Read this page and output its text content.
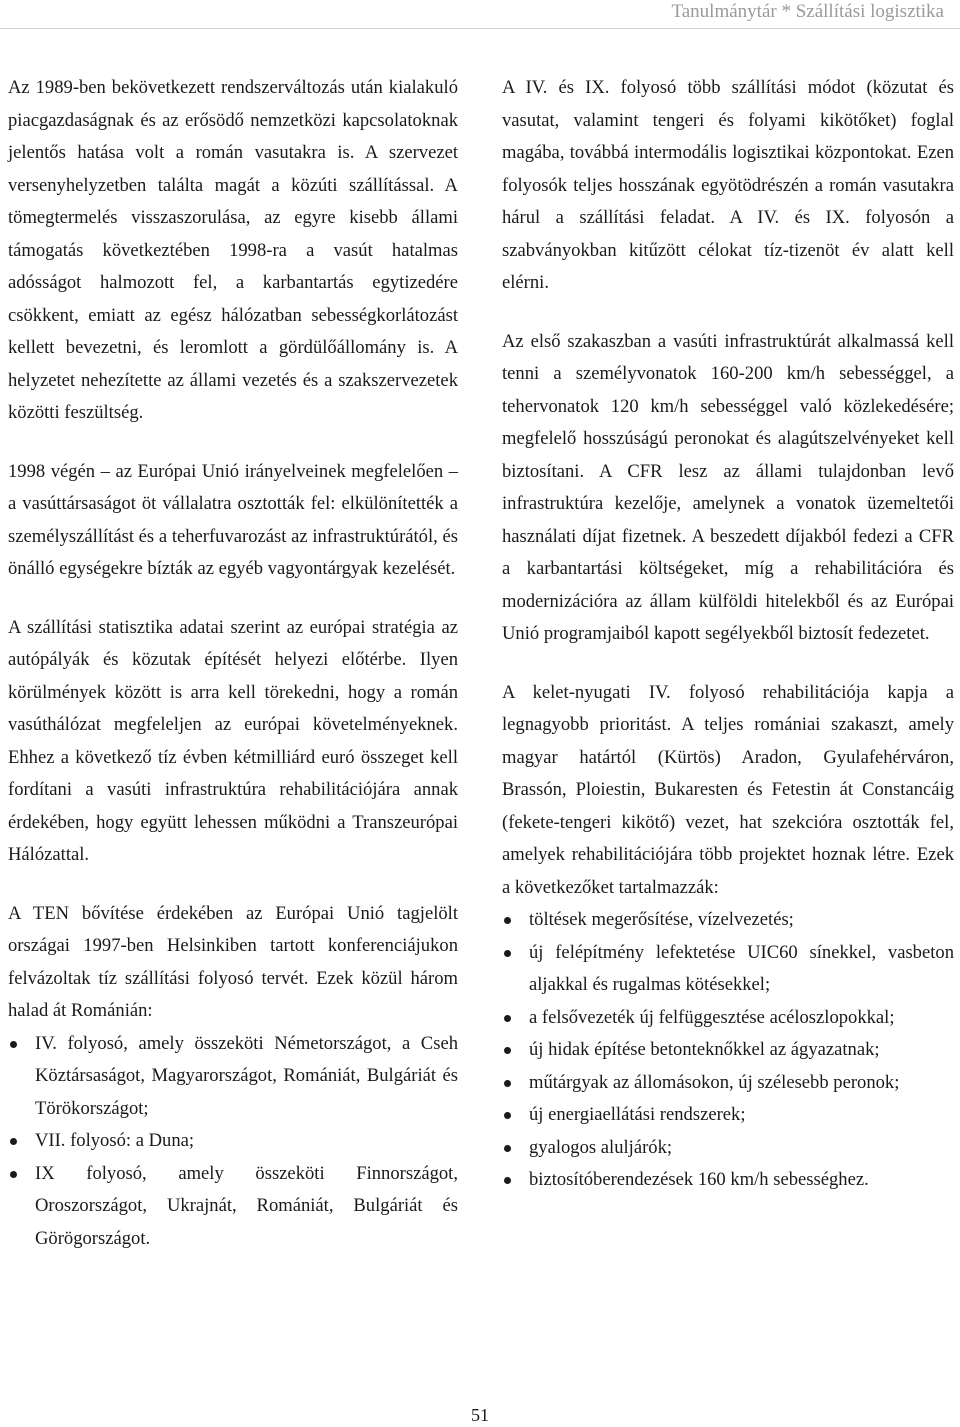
Tanulmánytár * Szállítási logisztika

Az 1989-ben bekövetkezett rendszerváltozás után kialakuló piacgazdaságnak és az erősödő nemzetközi kapcsolatoknak jelentős hatása volt a román vasutakra is. A szervezet versenyhelyzetben találta magát a közúti szállítással. A tömegtermelés visszaszorulása, az egyre kisebb állami támogatás következtében 1998-ra a vasút hatalmas adósságot halmozott fel, a karbantartás egytizedére csökkent, emiatt az egész hálózatban sebességkorlátozást kellett bevezetni, és leromlott a gördülőállomány is. A helyzetet nehezítette az állami vezetés és a szakszervezetek közötti feszültség.

1998 végén ‒ az Európai Unió irányelveinek megfelelően ‒ a vasúttársaságot öt vállalatra osztották fel: elkülönítették a személyszállítást és a teherfuvarozást az infrastruktúrától, és önálló egységekre bízták az egyéb vagyontárgyak kezelését.

A szállítási statisztika adatai szerint az európai stratégia az autópályák és közutak építését helyezi előtérbe. Ilyen körülmények között is arra kell törekedni, hogy a román vasúthálózat megfeleljen az európai követelményeknek. Ehhez a következő tíz évben kétmilliárd euró összeget kell fordítani a vasúti infrastruktúra rehabilitációjára annak érdekében, hogy együtt lehessen működni a Transzeurópai Hálózattal.

A TEN bővítése érdekében az Európai Unió tagjelölt országai 1997-ben Helsinkiben tartott konferenciájukon felvázoltak tíz szállítási folyosó tervét. Ezek közül három halad át Románián:

IV. folyosó, amely összeköti Németországot, a Cseh Köztársaságot, Magyarországot, Romániát, Bulgáriát és Törökországot;
VII. folyosó: a Duna;
IX folyosó, amely összeköti Finnországot, Oroszországot, Ukrajnát, Romániát, Bulgáriát és Görögországot.

A IV. és IX. folyosó több szállítási módot (közutat és vasutat, valamint tengeri és folyami kikötőket) foglal magába, továbbá intermodális logisztikai központokat. Ezen folyosók teljes hosszának egyötödrészén a román vasutakra hárul a szállítási feladat. A IV. és IX. folyosón a szabványokban kitűzött célokat tíz-tizenöt év alatt kell elérni.

Az első szakaszban a vasúti infrastruktúrát alkalmassá kell tenni a személyvonatok 160-200 km/h sebességgel, a tehervonatok 120 km/h sebességgel való közlekedésére; megfelelő hosszúságú peronokat és alagútszelvényeket kell biztosítani. A CFR lesz az állami tulajdonban levő infrastruktúra kezelője, amelynek a vonatok üzemeltetői használati díjat fizetnek. A beszedett díjakból fedezi a CFR a karbantartási költségeket, míg a rehabilitációra és modernizációra az állam külföldi hitelekből és az Európai Unió programjaiból kapott segélyekből biztosít fedezetet.

A kelet-nyugati IV. folyosó rehabilitációja kapja a legnagyobb prioritást. A teljes romániai szakaszt, amely magyar határtól (Kürtös) Aradon, Gyulafehérváron, Brassón, Ploiestin, Bukaresten és Fetestin át Constancáig (fekete-tengeri kikötő) vezet, hat szekcióra osztották fel, amelyek rehabilitációjára több projektet hoznak létre. Ezek a következőket tartalmazzák:

töltések megerősítése, vízelvezetés;
új felépítmény lefektetése UIC60 sínekkel, vasbeton aljakkal és rugalmas kötésekkel;
a felsővezeték új felfüggesztése acéloszlopokkal;
új hidak építése betonteknőkkel az ágyazatnak;
műtárgyak az állomásokon, új szélesebb peronok;
új energiaellátási rendszerek;
gyalogos aluljárók;
biztosítóberendezések 160 km/h sebességhez.
51
